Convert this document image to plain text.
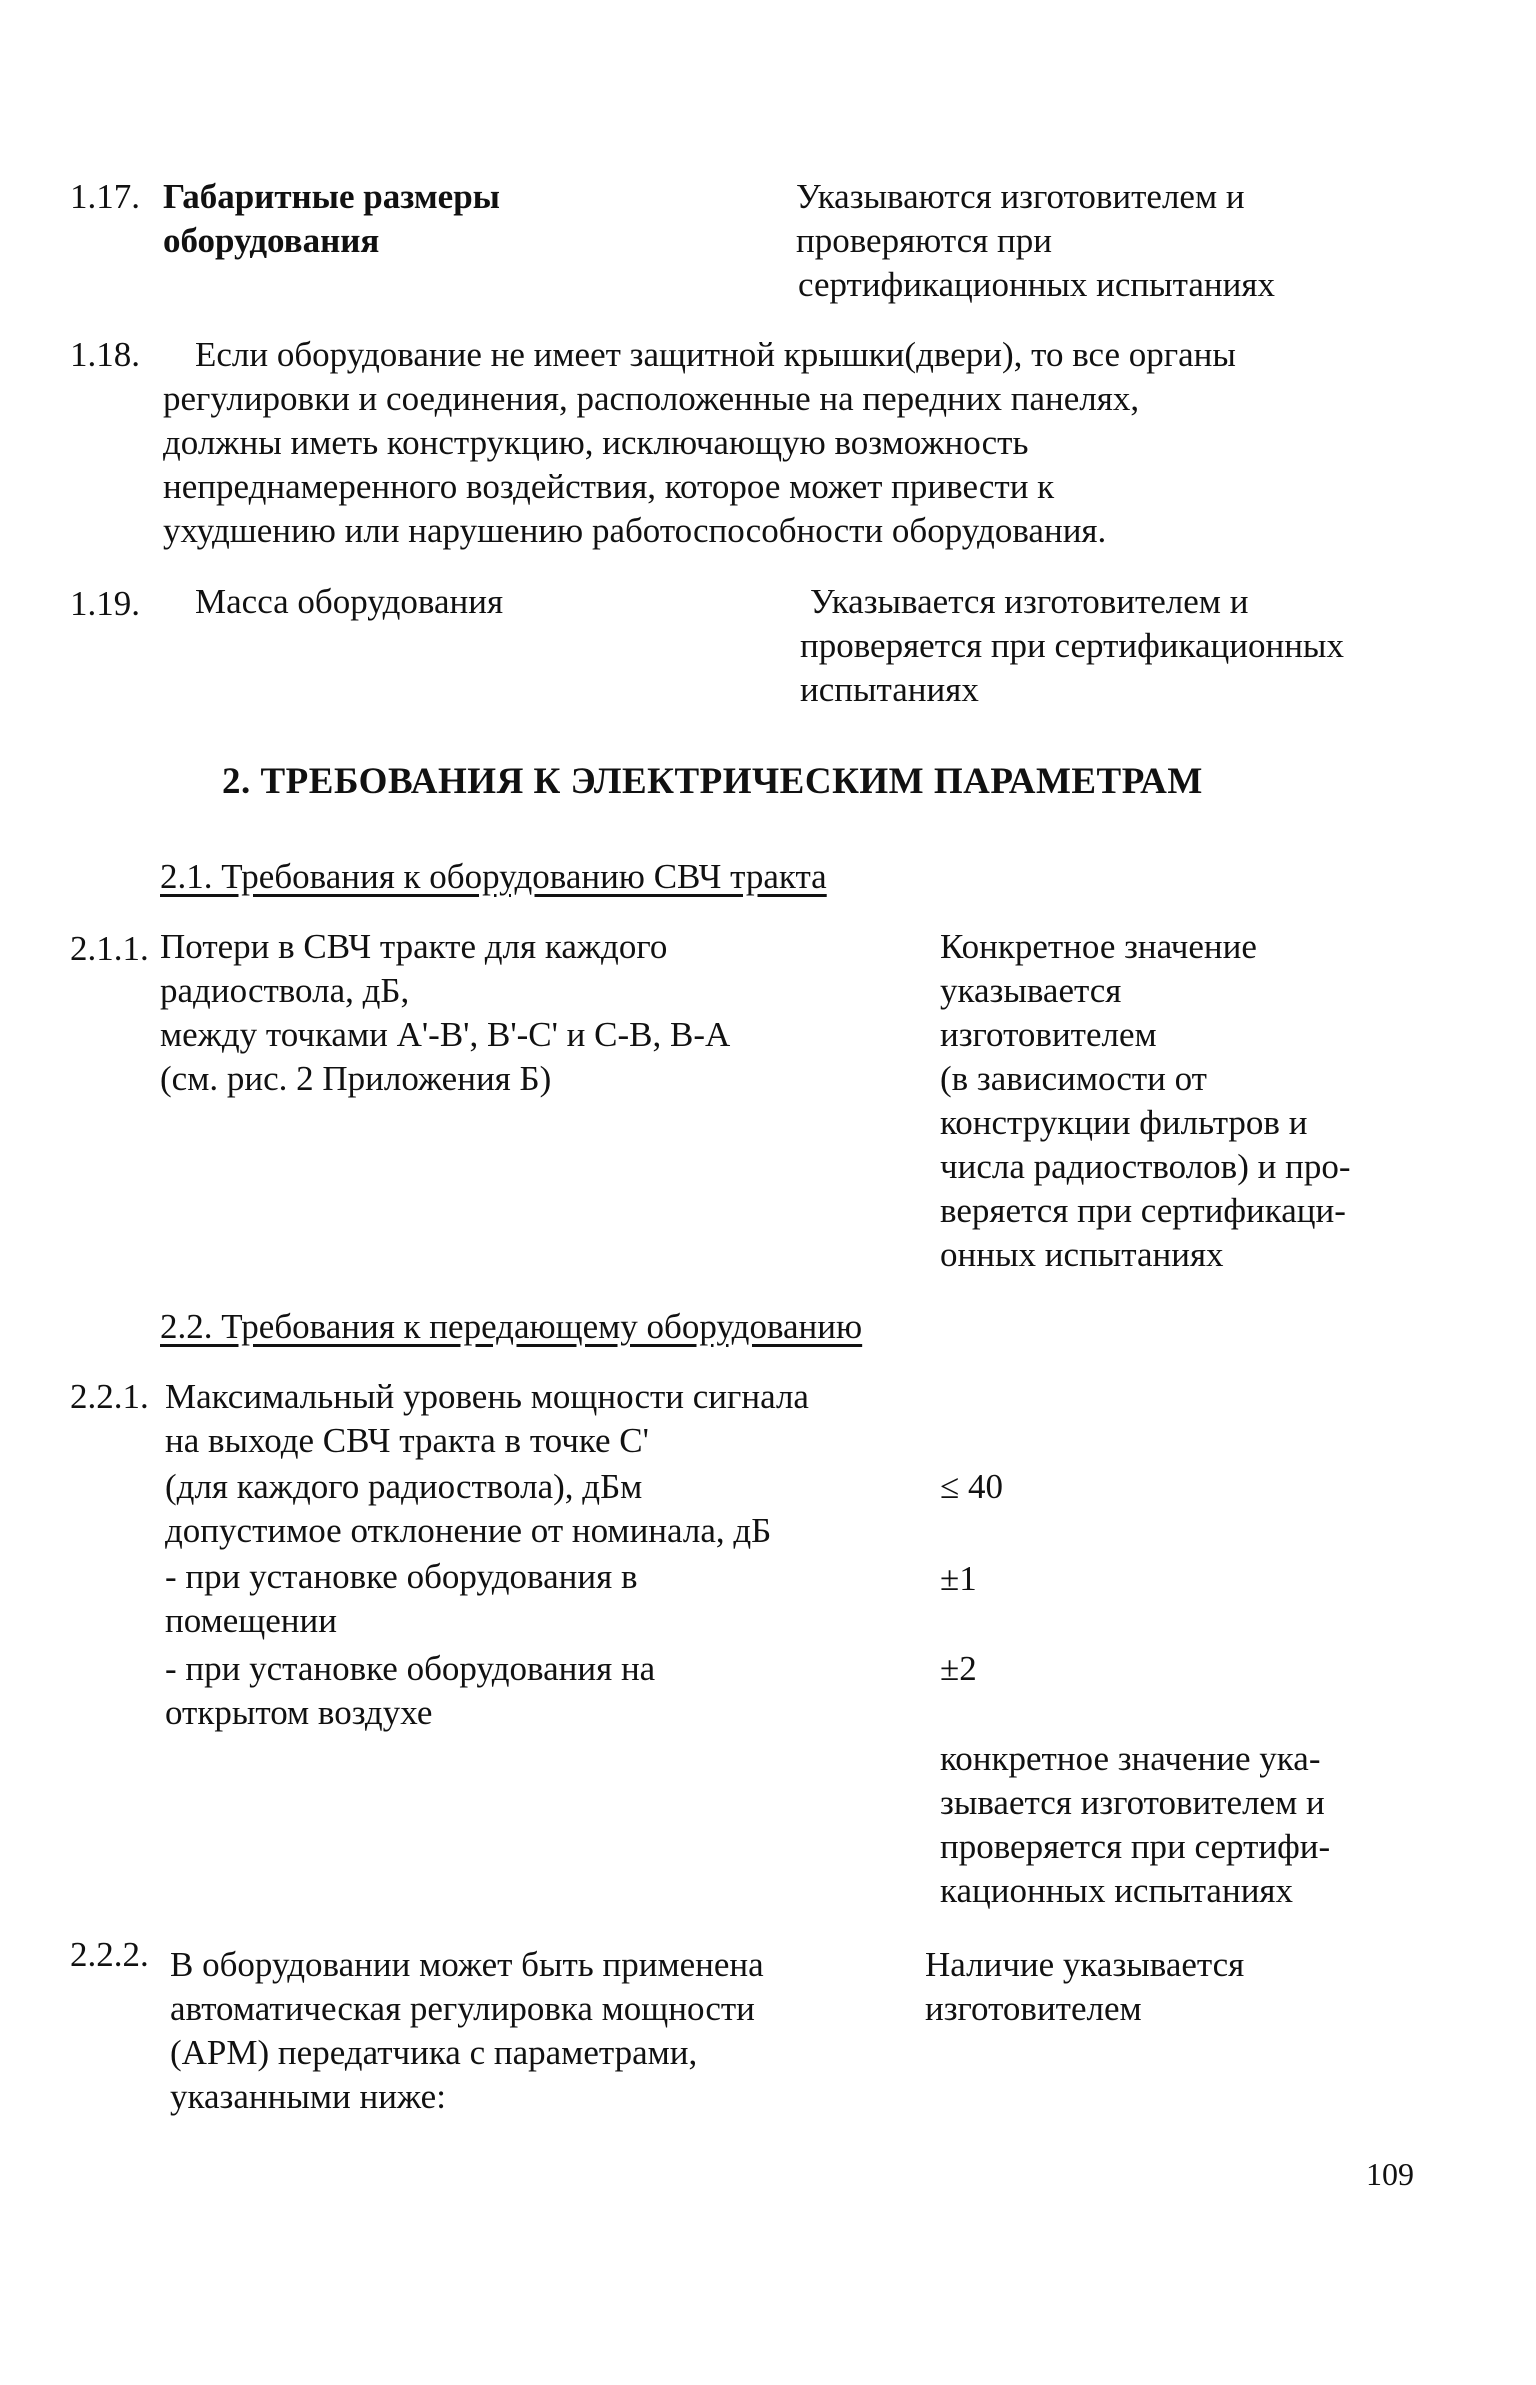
1.17. Габаритные размеры
оборудования
Указываются изготовителем и
проверяются при
сертификационных испытаниях
1.18.	Если оборудование не имеет защитной крышки(двери), то все органы
регулировки и соединения, расположенные на передних панелях,
должны иметь конструкцию, исключающую возможность
непреднамеренного воздействия, которое может привести к
ухудшению или нарушению работоспособности оборудования.
1.19. Масса оборудования	Указывается изготовителем и
проверяется при сертификационных
испытаниях
2. ТРЕБОВАНИЯ К ЭЛЕКТРИЧЕСКИМ ПАРАМЕТРАМ
2.1. Требования к оборудованию СВЧ тракта
2.1.1. Потери в СВЧ тракте для каждого
радиоствола, дБ,
между точками A'-B', B'-C' и C-B, B-A
(см. рис. 2 Приложения Б)
Конкретное значение
указывается
изготовителем
(в зависимости от
конструкции фильтров и
числа радиостволов) и про-
веряется при сертификаци-
онных испытаниях
2.2. Требования к передающему оборудованию
2.2.1. Максимальный уровень мощности сигнала
на выходе СВЧ тракта в точке C'
(для каждого радиоствола), дБм
допустимое отклонение от номинала, дБ
- при установке оборудования в
помещении
- при установке оборудования на
открытом воздухе
≤ 40
±1
±2
конкретное значение ука-
зывается изготовителем и
проверяется при сертифи-
кационных испытаниях
2.2.2. В оборудовании может быть применена
автоматическая регулировка мощности
(АРМ) передатчика с параметрами,
указанными ниже:
Наличие указывается
изготовителем
109
